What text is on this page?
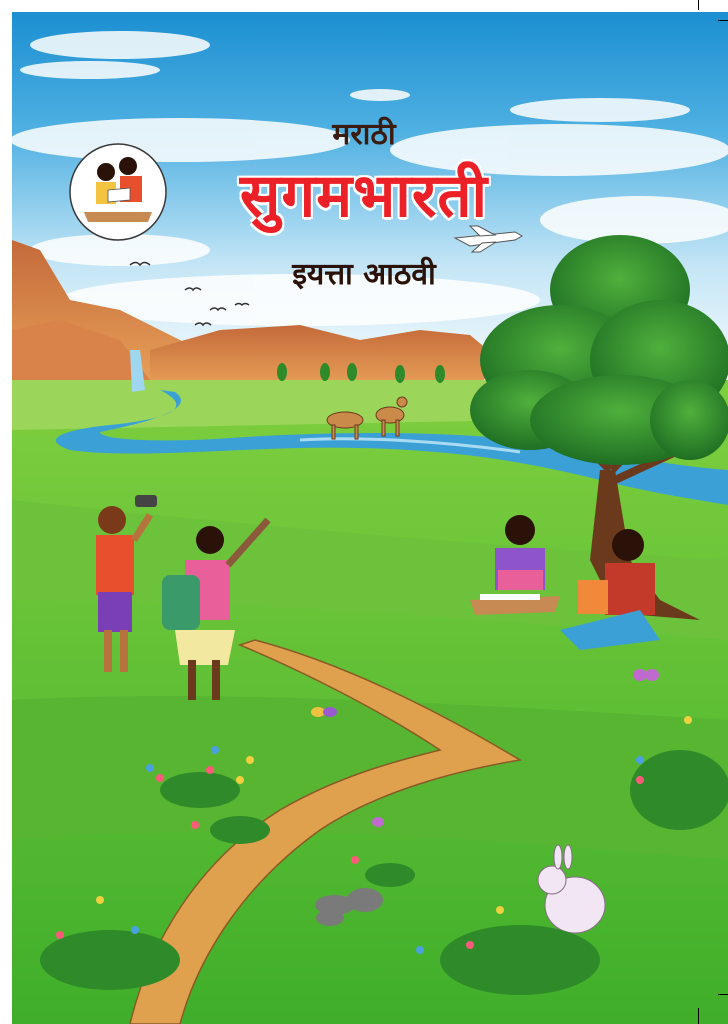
मराठी
सुगमभारती
इयत्ता आठवी
